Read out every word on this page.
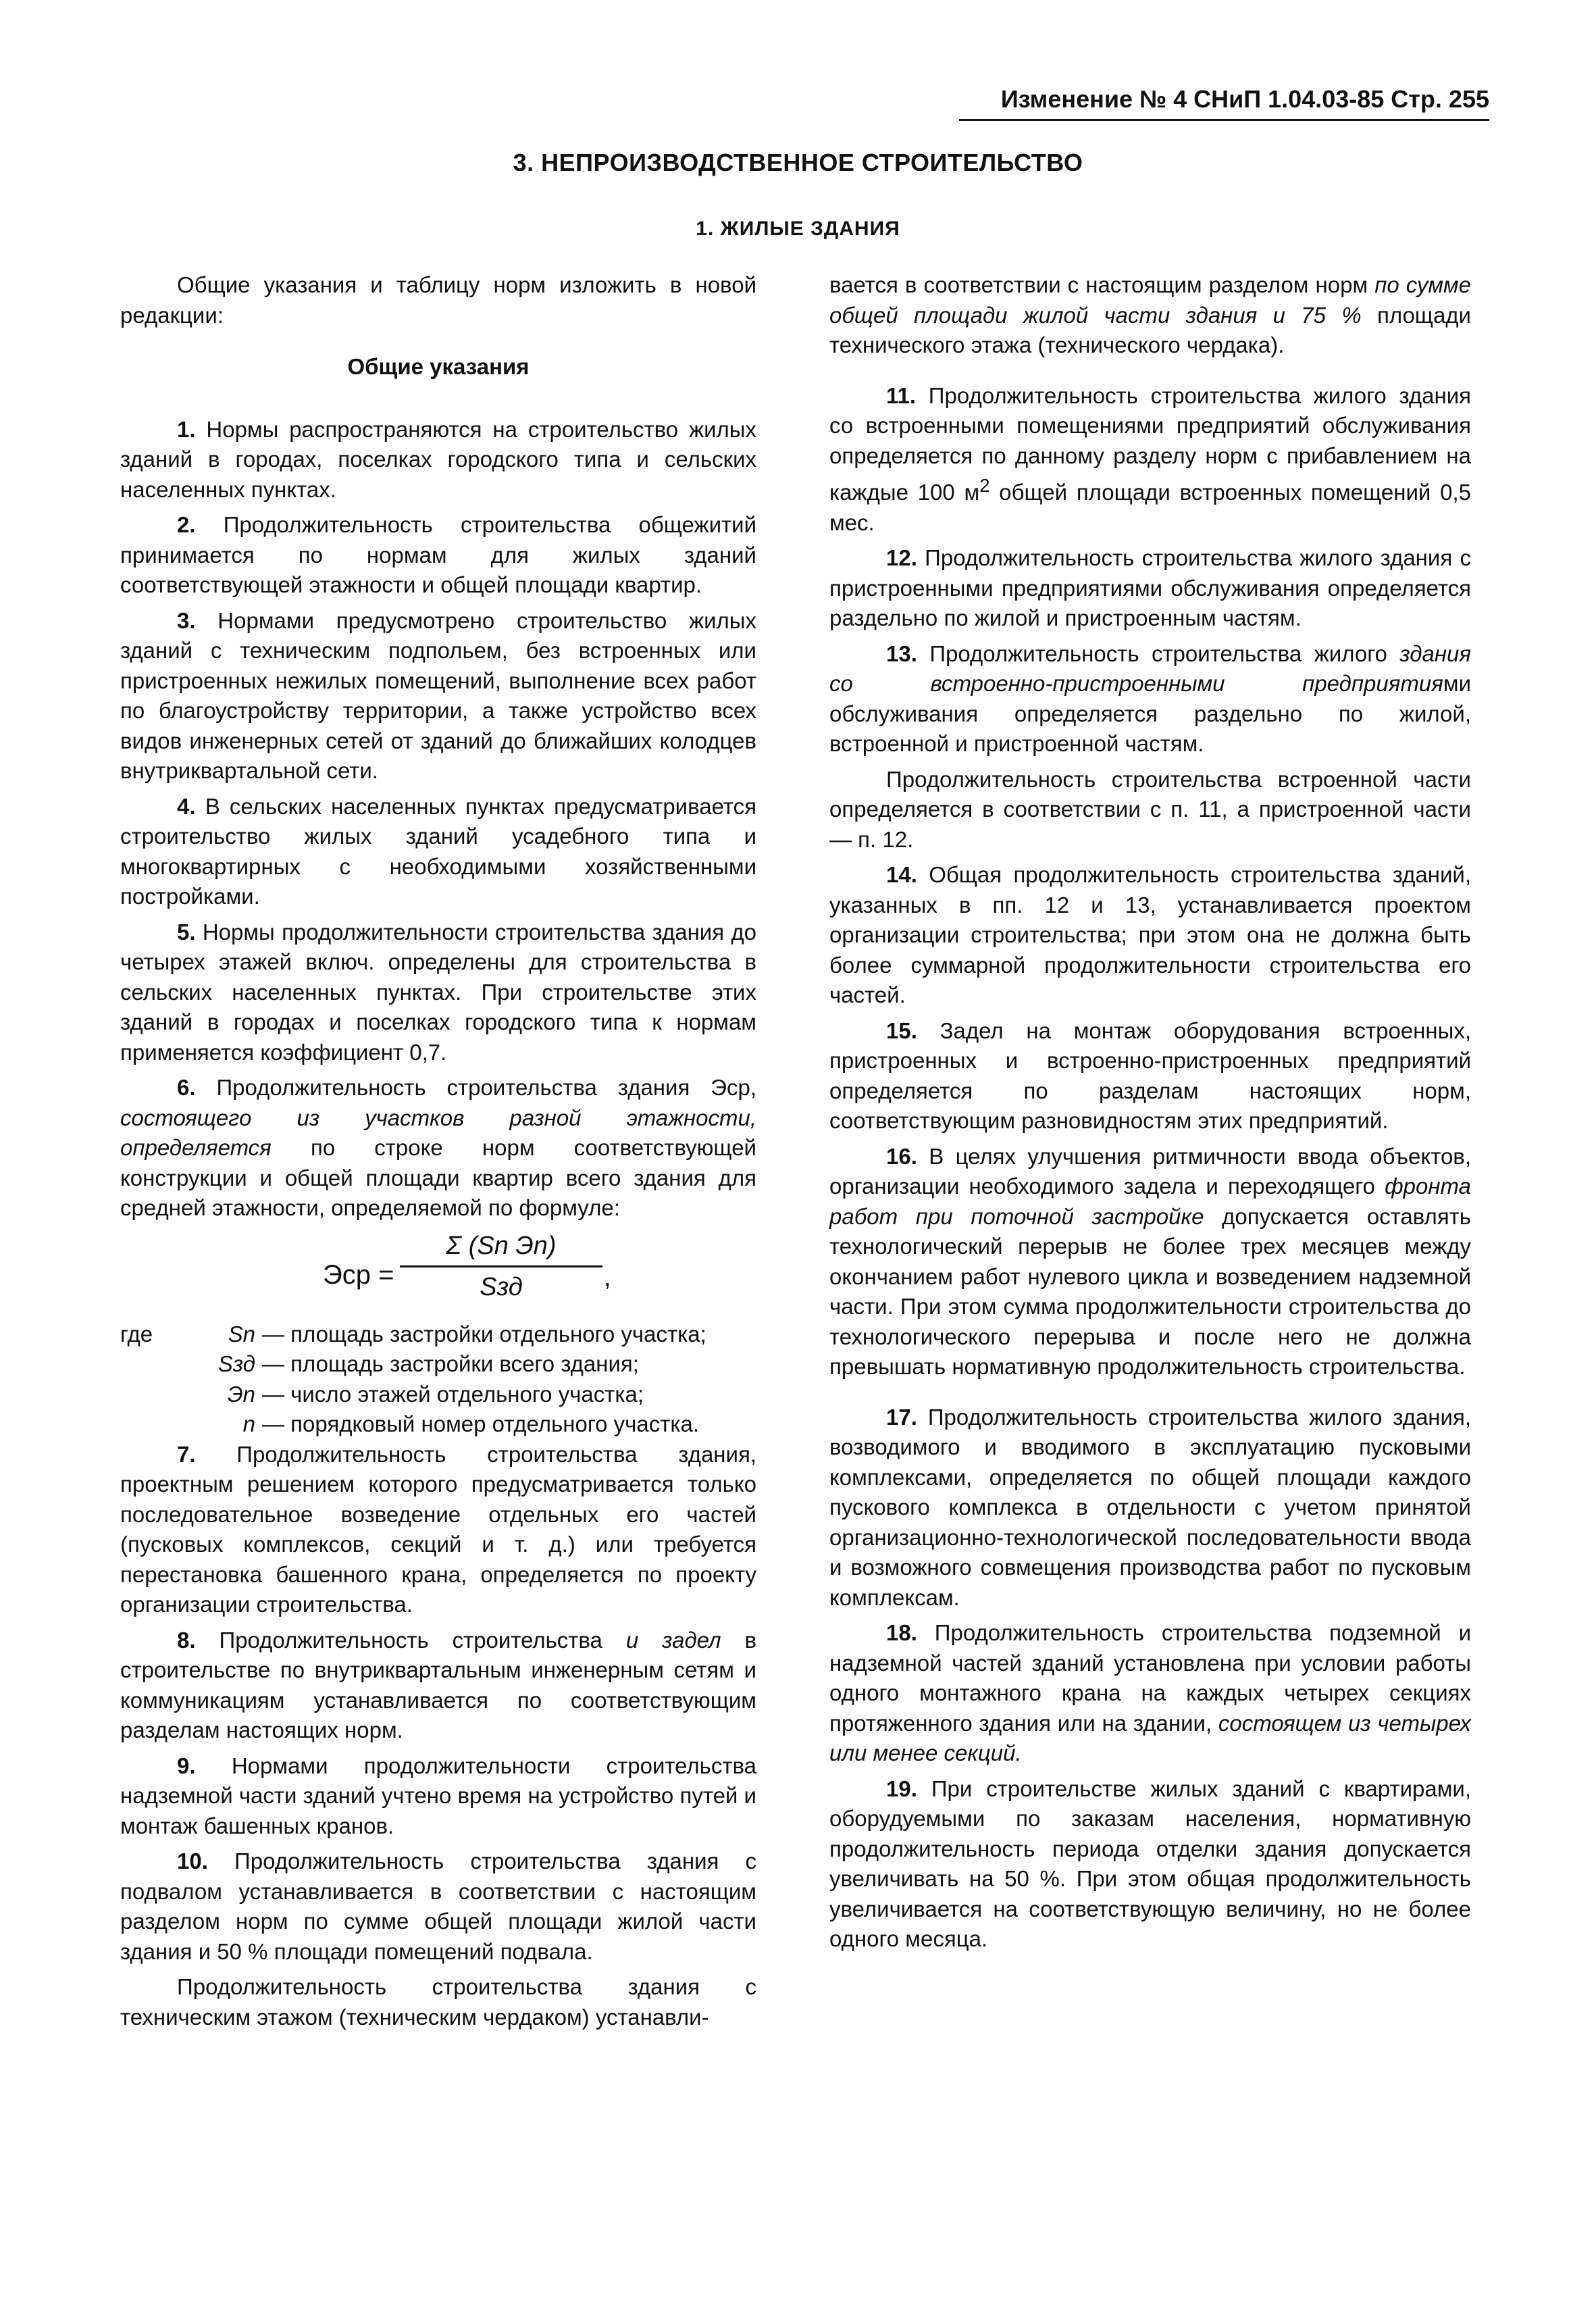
Изменение № 4 СНиП 1.04.03-85 Стр. 255
3. НЕПРОИЗВОДСТВЕННОЕ СТРОИТЕЛЬСТВО
1. ЖИЛЫЕ ЗДАНИЯ

Общие указания и таблицу норм изложить в новой редакции:

Общие указания

1. Нормы распространяются на строительство жилых зданий в городах, поселках городского типа и сельских населенных пунктах.

2. Продолжительность строительства общежитий принимается по нормам для жилых зданий соответствующей этажности и общей площади квартир.

3. Нормами предусмотрено строительство жилых зданий с техническим подпольем, без встроенных или пристроенных нежилых помещений, выполнение всех работ по благоустройству территории, а также устройство всех видов инженерных сетей от зданий до ближайших колодцев внутриквартальной сети.

4. В сельских населенных пунктах предусматривается строительство жилых зданий усадебного типа и многоквартирных с необходимыми хозяйственными постройками.

5. Нормы продолжительности строительства здания до четырех этажей включ. определены для строительства в сельских населенных пунктах. При строительстве этих зданий в городах и поселках городского типа к нормам применяется коэффициент 0,7.

6. Продолжительность строительства здания Эср, состоящего из участков разной этажности, определяется по строке норм соответствующей конструкции и общей площади квартир всего здания для средней этажности, определяемой по формуле:

Эср =
Σ (Sn Эn)
Sзд	,
где	Sn — площадь застройки отдельного участка;
Sзд — площадь застройки всего здания;
Эn — число этажей отдельного участка;
n — порядковый номер отдельного участка.

7. Продолжительность строительства здания, проектным решением которого предусматривается только последовательное возведение отдельных его частей (пусковых комплексов, секций и т. д.) или требуется перестановка башенного крана, определяется по проекту организации строительства.

8. Продолжительность строительства и задел в строительстве по внутриквартальным инженерным сетям и коммуникациям устанавливается по соответствующим разделам настоящих норм.

9. Нормами продолжительности строительства надземной части зданий учтено время на устройство путей и монтаж башенных кранов.

10. Продолжительность строительства здания с подвалом устанавливается в соответствии с настоящим разделом норм по сумме общей площади жилой части здания и 50 % площади помещений подвала.

Продолжительность строительства здания с техническим этажом (техническим чердаком) устанавли-

вается в соответствии с настоящим разделом норм по сумме общей площади жилой части здания и 75 % площади технического этажа (технического чердака).

11. Продолжительность строительства жилого здания со встроенными помещениями предприятий обслуживания определяется по данному разделу норм с прибавлением на каждые 100 $м^2$ общей площади встроенных помещений 0,5 мес.

12. Продолжительность строительства жилого здания с пристроенными предприятиями обслуживания определяется раздельно по жилой и пристроенным частям.

13. Продолжительность строительства жилого здания со встроенно-пристроенными предприятиями обслуживания определяется раздельно по жилой, встроенной и пристроенной частям.

Продолжительность строительства встроенной части определяется в соответствии с п. 11, а пристроенной части — п. 12.

14. Общая продолжительность строительства зданий, указанных в пп. 12 и 13, устанавливается проектом организации строительства; при этом она не должна быть более суммарной продолжительности строительства его частей.

15. Задел на монтаж оборудования встроенных, пристроенных и встроенно-пристроенных предприятий определяется по разделам настоящих норм, соответствующим разновидностям этих предприятий.

16. В целях улучшения ритмичности ввода объектов, организации необходимого задела и переходящего фронта работ при поточной застройке допускается оставлять технологический перерыв не более трех месяцев между окончанием работ нулевого цикла и возведением надземной части. При этом сумма продолжительности строительства до технологического перерыва и после него не должна превышать нормативную продолжительность строительства.

17. Продолжительность строительства жилого здания, возводимого и вводимого в эксплуатацию пусковыми комплексами, определяется по общей площади каждого пускового комплекса в отдельности с учетом принятой организационно-технологической последовательности ввода и возможного совмещения производства работ по пусковым комплексам.

18. Продолжительность строительства подземной и надземной частей зданий установлена при условии работы одного монтажного крана на каждых четырех секциях протяженного здания или на здании, состоящем из четырех или менее секций.

19. При строительстве жилых зданий с квартирами, оборудуемыми по заказам населения, нормативную продолжительность периода отделки здания допускается увеличивать на 50 %. При этом общая продолжительность увеличивается на соответствующую величину, но не более одного месяца.
